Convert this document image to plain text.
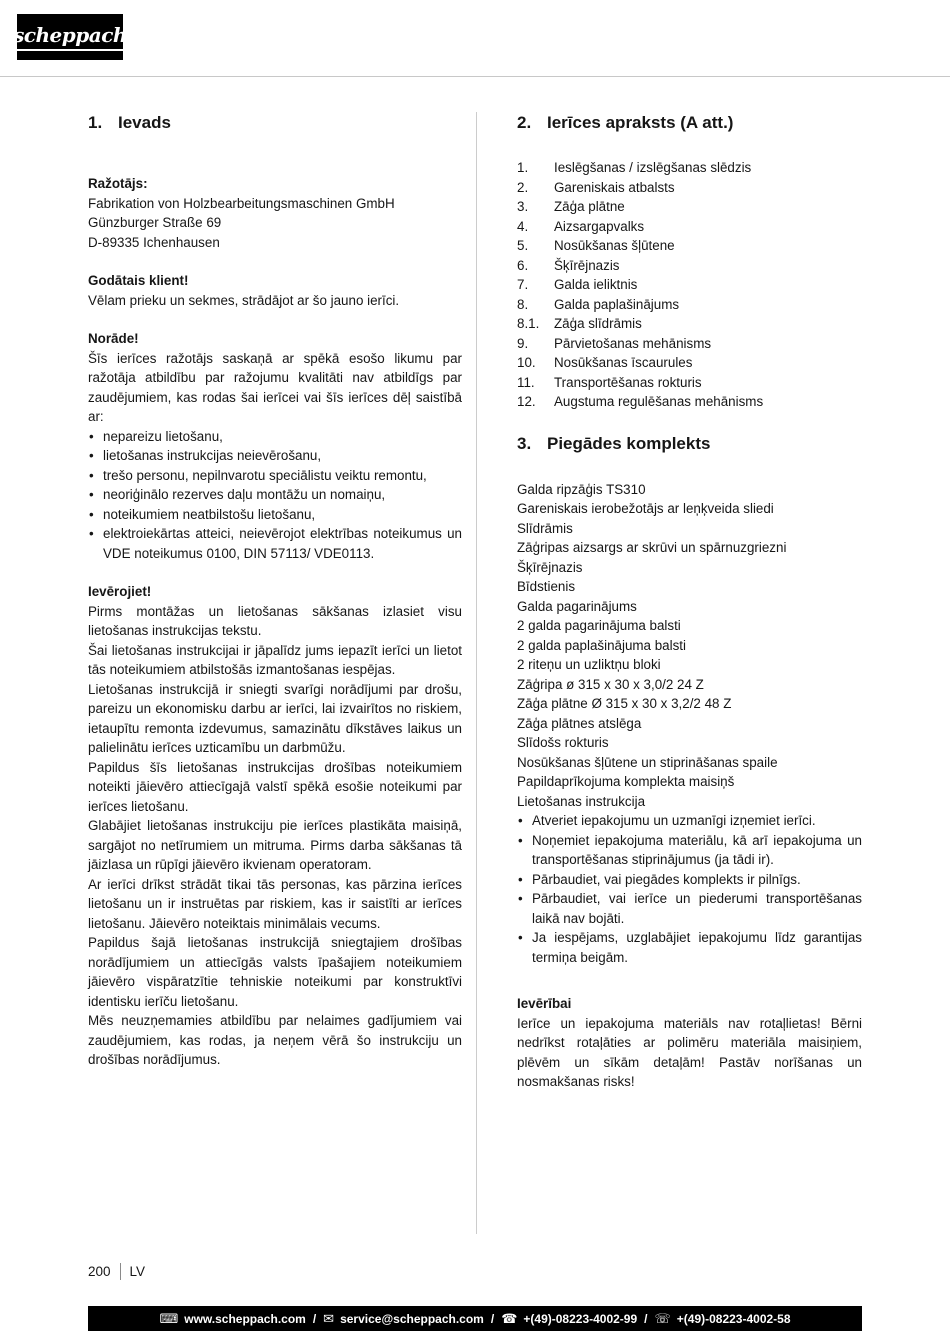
scheppach
1. Ievads

Ražotājs:

Fabrikation von Holzbearbeitungsmaschinen GmbH

Günzburger Straße 69

D-89335 Ichenhausen

Godātais klient!

Vēlam prieku un sekmes, strādājot ar šo jauno ierīci.

Norāde!

Šīs ierīces ražotājs saskaņā ar spēkā esošo likumu par ražotāja atbildību par ražojumu kvalitāti nav atbildīgs par zaudējumiem, kas rodas šai ierīcei vai šīs ierīces dēļ saistībā ar:

• nepareizu lietošanu,
• lietošanas instrukcijas neievērošanu,
• trešo personu, nepilnvarotu speciālistu veiktu remontu,
• neoriģinālo rezerves daļu montāžu un nomaiņu,
• noteikumiem neatbilstošu lietošanu,
• elektroiekārtas atteici, neievērojot elektrības noteikumus un VDE noteikumus 0100, DIN 57113/ VDE0113.

Ievērojiet!

Pirms montāžas un lietošanas sākšanas izlasiet visu lietošanas instrukcijas tekstu.

Šai lietošanas instrukcijai ir jāpalīdz jums iepazīt ierīci un lietot tās noteikumiem atbilstošās izmantošanas iespējas.

Lietošanas instrukcijā ir sniegti svarīgi norādījumi par drošu, pareizu un ekonomisku darbu ar ierīci, lai izvairītos no riskiem, ietaupītu remonta izdevumus, samazinātu dīkstāves laikus un palielinātu ierīces uzticamību un darbmūžu.

Papildus šīs lietošanas instrukcijas drošības noteikumiem noteikti jāievēro attiecīgajā valstī spēkā esošie noteikumi par ierīces lietošanu.

Glabājiet lietošanas instrukciju pie ierīces plastikāta maisiņā, sargājot no netīrumiem un mitruma. Pirms darba sākšanas tā jāizlasa un rūpīgi jāievēro ikvienam operatoram.

Ar ierīci drīkst strādāt tikai tās personas, kas pārzina ierīces lietošanu un ir instruētas par riskiem, kas ir saistīti ar ierīces lietošanu. Jāievēro noteiktais minimālais vecums.

Papildus šajā lietošanas instrukcijā sniegtajiem drošības norādījumiem un attiecīgās valsts īpašajiem noteikumiem jāievēro vispāratzītie tehniskie noteikumi par konstruktīvi identisku ierīču lietošanu.

Mēs neuzņemamies atbildību par nelaimes gadījumiem vai zaudējumiem, kas rodas, ja neņem vērā šo instrukciju un drošības norādījumus.

2. Ierīces apraksts (A att.)
1.	Ieslēgšanas / izslēgšanas slēdzis
2.	Gareniskais atbalsts
3.	Zāģa plātne
4.	Aizsargapvalks
5.	Nosūkšanas šļūtene
6.	Šķīrējnazis
7.	Galda ieliktnis
8.	Galda paplašinājums
8.1.	Zāģa slīdrāmis
9.	Pārvietošanas mehānisms
10.	Nosūkšanas īscaurules
11.	Transportēšanas rokturis
12.	Augstuma regulēšanas mehānisms
3. Piegādes komplekts
Galda ripzāģis TS310
Gareniskais ierobežotājs ar leņķveida sliedi
Slīdrāmis
Zāģripas aizsargs ar skrūvi un spārnuzgriezni
Šķīrējnazis
Bīdstienis
Galda pagarinājums
2 galda pagarinājuma balsti
2 galda paplašinājuma balsti
2 riteņu un uzliktņu bloki
Zāģripa ø 315 x 30 x 3,0/2 24 Z
Zāģa plātne Ø 315 x 30 x 3,2/2 48 Z
Zāģa plātnes atslēga
Slīdošs rokturis
Nosūkšanas šļūtene un stiprināšanas spaile
Papildaprīkojuma komplekta maisiņš
Lietošanas instrukcija
• Atveriet iepakojumu un uzmanīgi izņemiet ierīci.
• Noņemiet iepakojuma materiālu, kā arī iepakojuma un transportēšanas stiprinājumus (ja tādi ir).
• Pārbaudiet, vai piegādes komplekts ir pilnīgs.
• Pārbaudiet, vai ierīce un piederumi transportēšanas laikā nav bojāti.
• Ja iespējams, uzglabājiet iepakojumu līdz garantijas termiņa beigām.

Ievērībai

Ierīce un iepakojuma materiāls nav rotaļlietas! Bērni nedrīkst rotaļāties ar polimēru materiāla maisiņiem, plēvēm un sīkām detaļām! Pastāv norīšanas un nosmakšanas risks!

200 LV
⌨ www.scheppach.com / ✉ service@scheppach.com / ☎ +(49)-08223-4002-99 / ☏ +(49)-08223-4002-58
